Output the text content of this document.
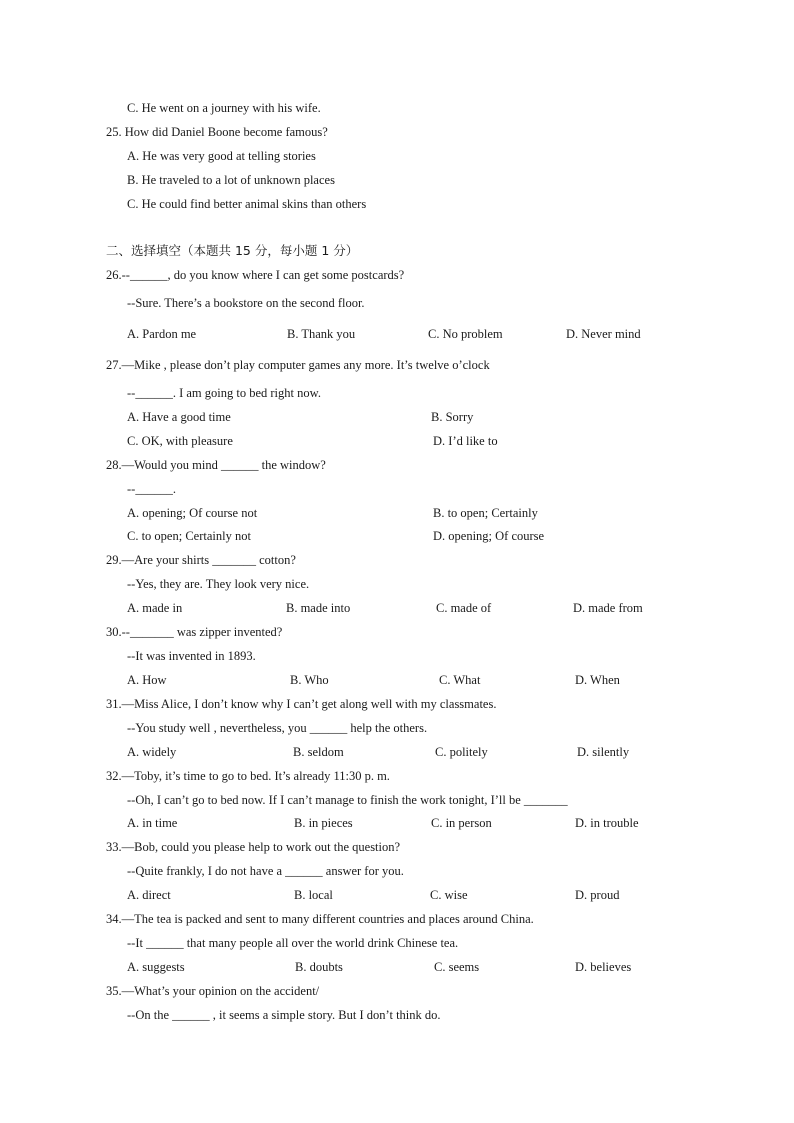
C. He went on a journey with his wife.
25. How did Daniel Boone become famous?
A. He was very good at telling stories
B. He traveled to a lot of unknown places
C. He could find better animal skins than others
二、选择填空（本题共 15 分，每小题 1 分）
26.--______, do you know where I can get some postcards?
--Sure. There’s a bookstore on the second floor.
A. Pardon me	B. Thank you	C. No problem	D. Never mind
27.—Mike , please don’t play computer games any more. It’s twelve o’clock
--______. I am going to bed right now.
A. Have a good time	B. Sorry
C. OK, with pleasure	D. I’d like to
28.—Would you mind ______ the window?
--______.
A. opening; Of course not	B. to open; Certainly
C. to open; Certainly not	D. opening; Of course
29.—Are your shirts _______ cotton?
--Yes, they are. They look very nice.
A. made in	B. made into	C. made of	D. made from
30.--_______ was zipper invented?
--It was invented in 1893.
A. How	B. Who	C. What	D. When
31.—Miss Alice, I don’t know why I can’t get along well with my classmates.
--You study well , nevertheless, you ______ help the others.
A. widely	B. seldom	C. politely	D. silently
32.—Toby, it’s time to go to bed. It’s already 11:30 p. m.
--Oh, I can’t go to bed now. If I can’t manage to finish the work tonight, I’ll be _______
A. in time	B. in pieces	C. in person	D. in trouble
33.—Bob, could you please help to work out the question?
--Quite frankly, I do not have a ______ answer for you.
A. direct	B. local	C. wise	D. proud
34.—The tea is packed and sent to many different countries and places around China.
--It ______ that many people all over the world drink Chinese tea.
A. suggests	B. doubts	C. seems	D. believes
35.—What’s your opinion on the accident/
--On the ______ , it seems a simple story. But I don’t think do.
